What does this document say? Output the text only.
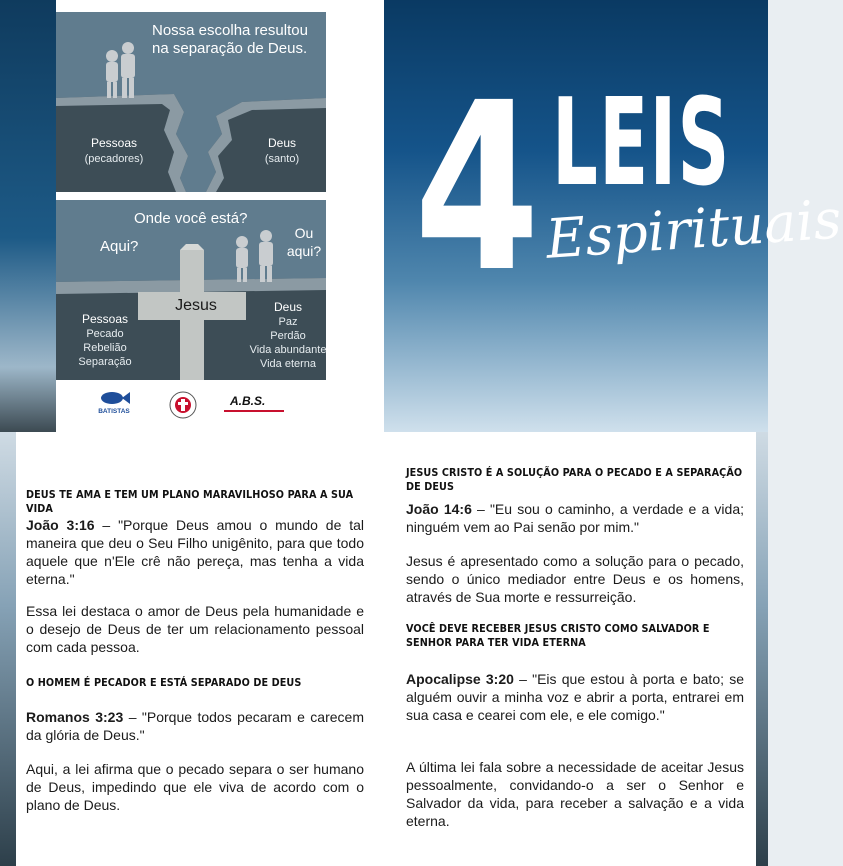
Nossa escolha resultou na separação de Deus.
Pessoas
(pecadores)
Deus
(santo)
Onde você está?
Aqui?
Ou aqui?
Jesus
Pessoas
Pecado
Rebelião
Separação
Deus
Paz
Perdão
Vida abundante
Vida eterna
BATISTAS
A.B.S.
4 LEIS
Espirituais
DEUS TE AMA E TEM UM PLANO MARAVILHOSO PARA A SUA VIDA
João 3:16 – "Porque Deus amou o mundo de tal maneira que deu o Seu Filho unigênito, para que todo aquele que n'Ele crê não pereça, mas tenha a vida eterna."
Essa lei destaca o amor de Deus pela humanidade e o desejo de Deus de ter um relacionamento pessoal com cada pessoa.
O HOMEM É PECADOR E ESTÁ SEPARADO DE DEUS
Romanos 3:23 – "Porque todos pecaram e carecem da glória de Deus."
Aqui, a lei afirma que o pecado separa o ser humano de Deus, impedindo que ele viva de acordo com o plano de Deus.
JESUS CRISTO É A SOLUÇÃO PARA O PECADO E A SEPARAÇÃO DE DEUS
João 14:6 – "Eu sou o caminho, a verdade e a vida; ninguém vem ao Pai senão por mim."
Jesus é apresentado como a solução para o pecado, sendo o único mediador entre Deus e os homens, através de Sua morte e ressurreição.
VOCÊ DEVE RECEBER JESUS CRISTO COMO SALVADOR E SENHOR PARA TER VIDA ETERNA
Apocalipse 3:20 – "Eis que estou à porta e bato; se alguém ouvir a minha voz e abrir a porta, entrarei em sua casa e cearei com ele, e ele comigo."
A última lei fala sobre a necessidade de aceitar Jesus pessoalmente, convidando-o a ser o Senhor e Salvador da vida, para receber a salvação e a vida eterna.
